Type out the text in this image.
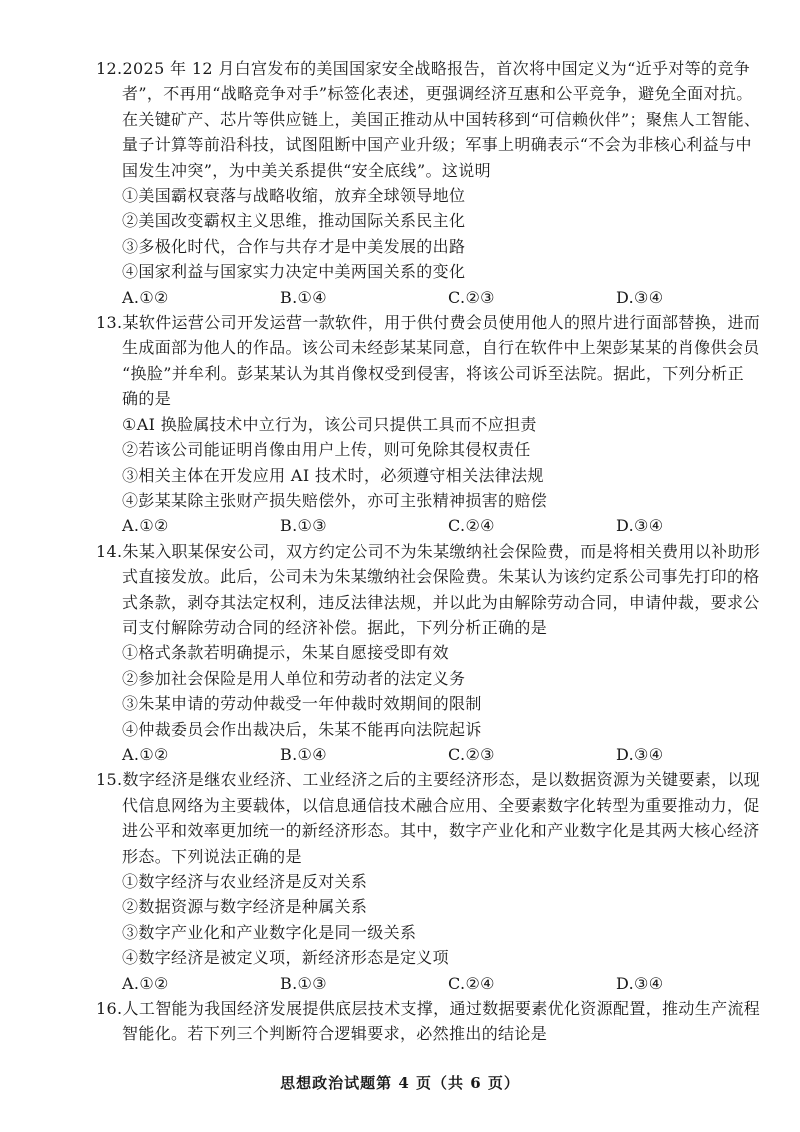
12.2025 年 12 月白宫发布的美国国家安全战略报告，首次将中国定义为“近乎对等的竞争
者”，不再用“战略竞争对手”标签化表述，更强调经济互惠和公平竞争，避免全面对抗。
在关键矿产、芯片等供应链上，美国正推动从中国转移到“可信赖伙伴”；聚焦人工智能、
量子计算等前沿科技，试图阻断中国产业升级；军事上明确表示“不会为非核心利益与中
国发生冲突”，为中美关系提供“安全底线”。这说明
①美国霸权衰落与战略收缩，放弃全球领导地位
②美国改变霸权主义思维，推动国际关系民主化
③多极化时代，合作与共存才是中美发展的出路
④国家利益与国家实力决定中美两国关系的变化
A.①②	B.①④	C.②③	D.③④
13.某软件运营公司开发运营一款软件，用于供付费会员使用他人的照片进行面部替换，进而
生成面部为他人的作品。该公司未经彭某某同意，自行在软件中上架彭某某的肖像供会员
“换脸”并牟利。彭某某认为其肖像权受到侵害，将该公司诉至法院。据此，下列分析正
确的是
①AI 换脸属技术中立行为，该公司只提供工具而不应担责
②若该公司能证明肖像由用户上传，则可免除其侵权责任
③相关主体在开发应用 AI 技术时，必须遵守相关法律法规
④彭某某除主张财产损失赔偿外，亦可主张精神损害的赔偿
A.①②	B.①③	C.②④	D.③④
14.朱某入职某保安公司，双方约定公司不为朱某缴纳社会保险费，而是将相关费用以补助形
式直接发放。此后，公司未为朱某缴纳社会保险费。朱某认为该约定系公司事先打印的格
式条款，剥夺其法定权利，违反法律法规，并以此为由解除劳动合同，申请仲裁，要求公
司支付解除劳动合同的经济补偿。据此，下列分析正确的是
①格式条款若明确提示，朱某自愿接受即有效
②参加社会保险是用人单位和劳动者的法定义务
③朱某申请的劳动仲裁受一年仲裁时效期间的限制
④仲裁委员会作出裁决后，朱某不能再向法院起诉
A.①②	B.①④	C.②③	D.③④
15.数字经济是继农业经济、工业经济之后的主要经济形态，是以数据资源为关键要素，以现
代信息网络为主要载体，以信息通信技术融合应用、全要素数字化转型为重要推动力，促
进公平和效率更加统一的新经济形态。其中，数字产业化和产业数字化是其两大核心经济
形态。下列说法正确的是
①数字经济与农业经济是反对关系
②数据资源与数字经济是种属关系
③数字产业化和产业数字化是同一级关系
④数字经济是被定义项，新经济形态是定义项
A.①②	B.①③	C.②④	D.③④
16.人工智能为我国经济发展提供底层技术支撑，通过数据要素优化资源配置，推动生产流程
智能化。若下列三个判断符合逻辑要求，必然推出的结论是
思想政治试题第 4 页（共 6 页）
